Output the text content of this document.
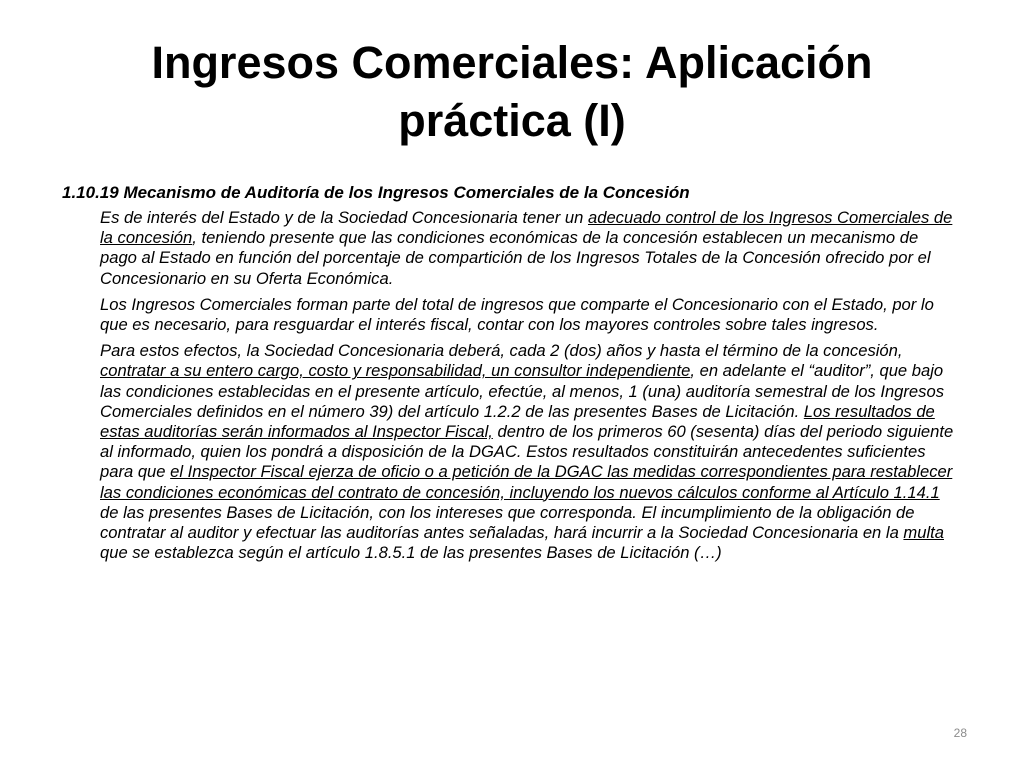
Ingresos Comerciales: Aplicación práctica (I)

1.10.19 Mecanismo de Auditoría de los Ingresos Comerciales de la Concesión

Es de interés del Estado y de la Sociedad Concesionaria tener un adecuado control de los Ingresos Comerciales de la concesión, teniendo presente que las condiciones económicas de la concesión establecen un mecanismo de pago al Estado en función del porcentaje de compartición de los Ingresos Totales de la Concesión ofrecido por el Concesionario en su Oferta Económica.

Los Ingresos Comerciales forman parte del total de ingresos que comparte el Concesionario con el Estado, por lo que es necesario, para resguardar el interés fiscal, contar con los mayores controles sobre tales ingresos.

Para estos efectos, la Sociedad Concesionaria deberá, cada 2 (dos) años y hasta el término de la concesión, contratar a su entero cargo, costo y responsabilidad, un consultor independiente, en adelante el “auditor”, que bajo las condiciones establecidas en el presente artículo, efectúe, al menos, 1 (una) auditoría semestral de los Ingresos Comerciales definidos en el número 39) del artículo 1.2.2 de las presentes Bases de Licitación. Los resultados de estas auditorías serán informados al Inspector Fiscal, dentro de los primeros 60 (sesenta) días del periodo siguiente al informado, quien los pondrá a disposición de la DGAC. Estos resultados constituirán antecedentes suficientes para que el Inspector Fiscal ejerza de oficio o a petición de la DGAC las medidas correspondientes para restablecer las condiciones económicas del contrato de concesión, incluyendo los nuevos cálculos conforme al Artículo 1.14.1 de las presentes Bases de Licitación, con los intereses que corresponda. El incumplimiento de la obligación de contratar al auditor y efectuar las auditorías antes señaladas, hará incurrir a la Sociedad Concesionaria en la multa que se establezca según el artículo 1.8.5.1 de las presentes Bases de Licitación (…)

28
